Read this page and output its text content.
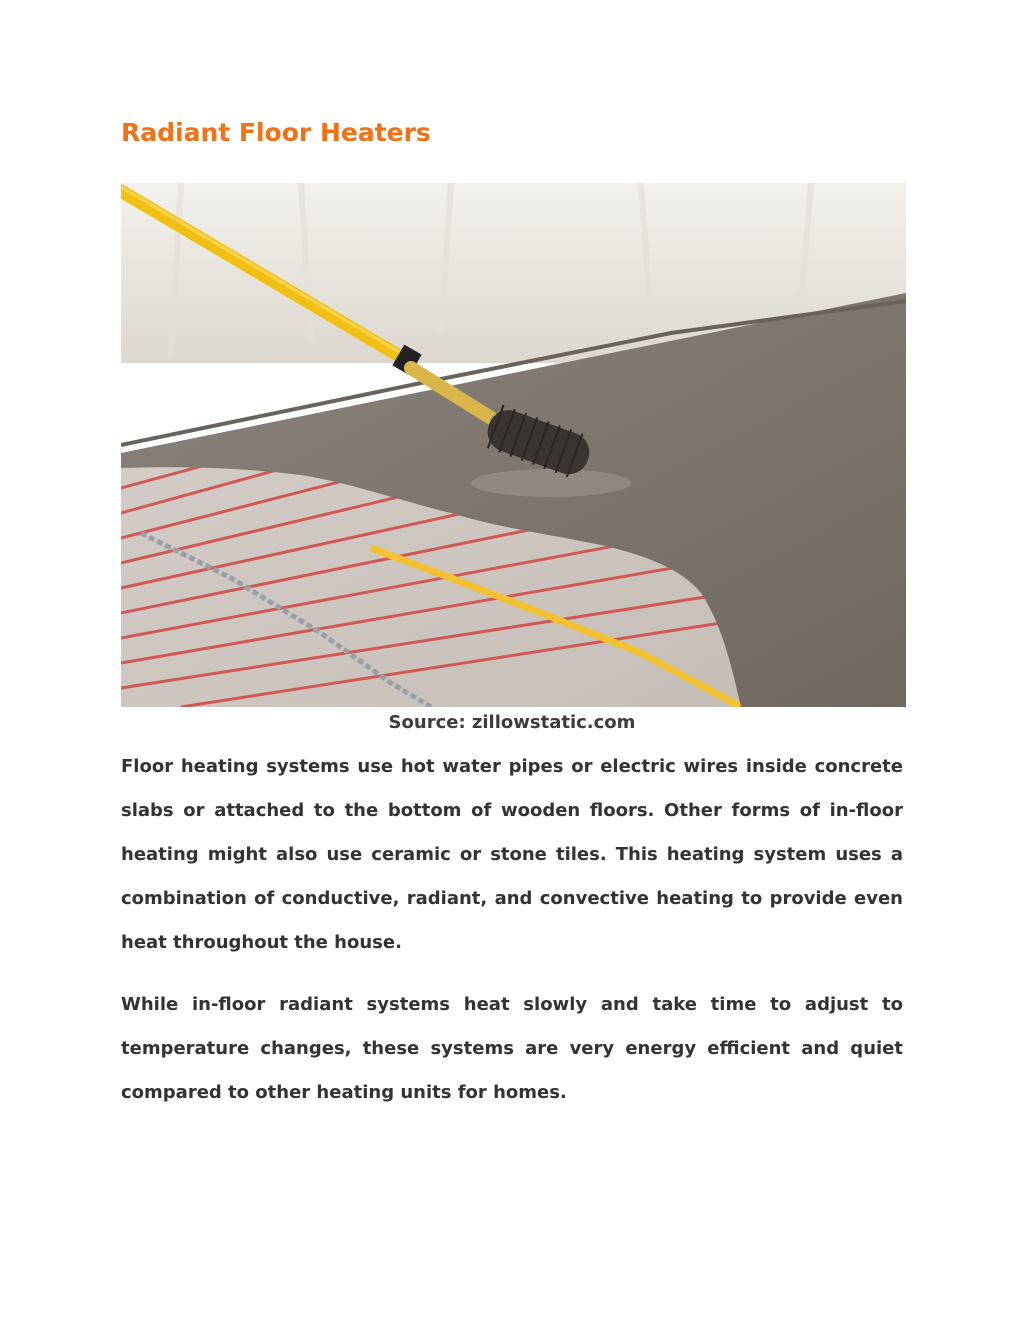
Radiant Floor Heaters

Source: zillowstatic.com

Floor heating systems use hot water pipes or electric wires inside concrete slabs or attached to the bottom of wooden floors. Other forms of in-floor heating might also use ceramic or stone tiles. This heating system uses a combination of conductive, radiant, and convective heating to provide even heat throughout the house.

While in-floor radiant systems heat slowly and take time to adjust to temperature changes, these systems are very energy efficient and quiet compared to other heating units for homes.
